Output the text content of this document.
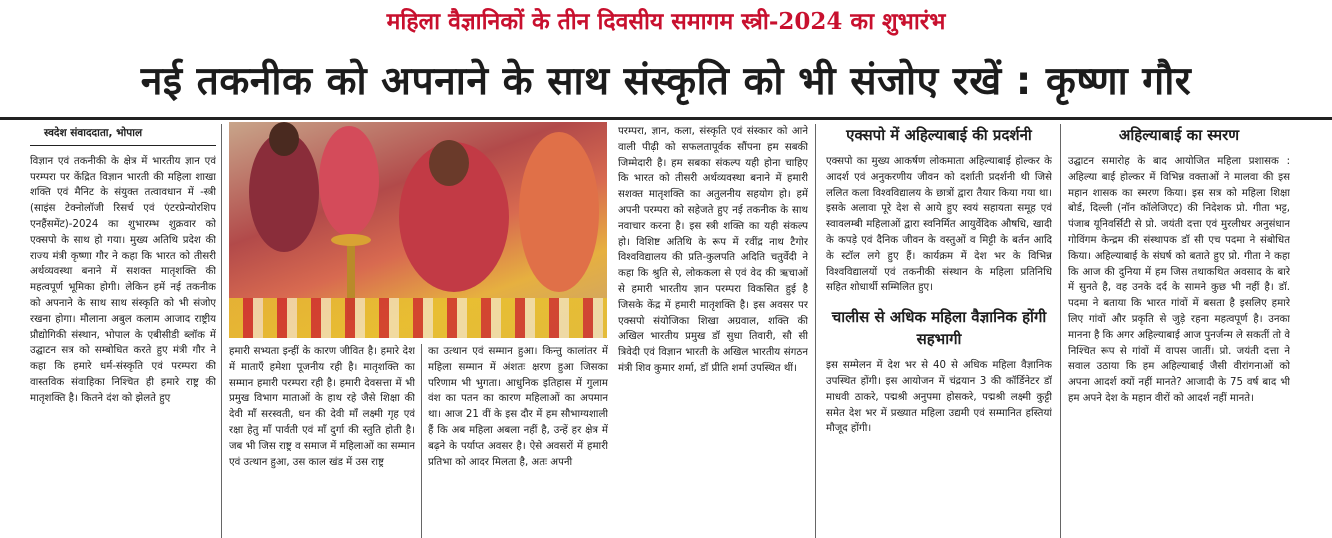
महिला वैज्ञानिकों के तीन दिवसीय समागम स्त्री-2024 का शुभारंभ
नई तकनीक को अपनाने के साथ संस्कृति को भी संजोए रखें : कृष्णा गौर
स्वदेश संवाददाता, भोपाल

विज्ञान एवं तकनीकी के क्षेत्र में भारतीय ज्ञान एवं परम्परा पर केंद्रित विज्ञान भारती की महिला शाखा शक्ति एवं मैनिट के संयुक्त तत्वावधान में -स्त्री (साइंस टेक्नोलॉजी रिसर्च एवं एंटरप्रेन्योरशिप एनहैंसमेंट)-2024 का शुभारम्भ शुक्रवार को एक्सपो के साथ हो गया। मुख्य अतिथि प्रदेश की राज्य मंत्री कृष्णा गौर ने कहा कि भारत को तीसरी अर्थव्यवस्था बनाने में सशक्त मातृशक्ति की महत्वपूर्ण भूमिका होगी। लेकिन हमें नई तकनीक को अपनाने के साथ साथ संस्कृति को भी संजोए रखना होगा। मौलाना अबुल कलाम आजाद राष्ट्रीय प्रौद्योगिकी संस्थान, भोपाल के एबीसीडी ब्लॉक में उद्घाटन सत्र को सम्बोधित करते हुए मंत्री गौर ने कहा कि हमारे धर्म-संस्कृति एवं परम्परा की वास्तविक संवाहिका निश्चित ही हमारे राष्ट्र की मातृशक्ति है। कितने दंश को झेलते हुए

हमारी सभ्यता इन्हीं के कारण जीवित है। हमारे देश में माताएँ हमेशा पूजनीय रही है। मातृशक्ति का सम्मान हमारी परम्परा रही है। हमारी देवसत्ता में भी प्रमुख विभाग माताओं के हाथ रहे जैसे शिक्षा की देवी माँ सरस्वती, धन की देवी माँ लक्ष्मी गृह एवं रक्षा हेतु माँ पार्वती एवं माँ दुर्गा की स्तुति होती है। जब भी जिस राष्ट्र व समाज में महिलाओं का सम्मान एवं उत्थान हुआ, उस काल खंड में उस राष्ट्र

का उत्थान एवं सम्मान हुआ। किन्तु कालांतर में महिला सम्मान में अंशतः क्षरण हुआ जिसका परिणाम भी भुगता। आधुनिक इतिहास में गुलाम वंश का पतन का कारण महिलाओं का अपमान था। आज 21 वीं के इस दौर में हम सौभाग्यशाली हैं कि अब महिला अबला नहीं है, उन्हें हर क्षेत्र में बढ़ने के पर्याप्त अवसर है। ऐसे अवसरों में हमारी प्रतिभा को आदर मिलता है, अतः अपनी

परम्परा, ज्ञान, कला, संस्कृति एवं संस्कार को आने वाली पीढ़ी को सफलतापूर्वक सौंपना हम सबकी जिम्मेदारी है। हम सबका संकल्प यही होना चाहिए कि भारत को तीसरी अर्थव्यवस्था बनाने में हमारी सशक्त मातृशक्ति का अतुलनीय सहयोग हो। हमें अपनी परम्परा को सहेजते हुए नई तकनीक के साथ नवाचार करना है। इस स्त्री शक्ति का यही संकल्प हो। विशिष्ट अतिथि के रूप में रवींद्र नाथ टैगोर विश्वविद्यालय की प्रति-कुलपति अदिति चतुर्वेदी ने कहा कि श्रुति से, लोककला से एवं वेद की ऋचाओं से हमारी भारतीय ज्ञान परम्परा विकसित हुई है जिसके केंद्र में हमारी मातृशक्ति है। इस अवसर पर एक्सपो संयोजिका शिखा अग्रवाल, शक्ति की अखिल भारतीय प्रमुख डॉ सुधा तिवारी, सौ सी त्रिवेदी एवं विज्ञान भारती के अखिल भारतीय संगठन मंत्री शिव कुमार शर्मा, डॉ प्रीति शर्मा उपस्थित थीं।

एक्सपो में अहिल्याबाई की प्रदर्शनी

एक्सपो का मुख्य आकर्षण लोकमाता अहिल्याबाई होल्कर के आदर्श एवं अनुकरणीय जीवन को दर्शाती प्रदर्शनी थी जिसे ललित कला विश्वविद्यालय के छात्रों द्वारा तैयार किया गया था। इसके अलावा पूरे देश से आये हुए स्वयं सहायता समूह एवं स्वावलम्बी महिलाओं द्वारा स्वनिर्मित आयुर्वेदिक औषधि, खादी के कपड़े एवं दैनिक जीवन के वस्तुओं व मिट्टी के बर्तन आदि के स्टॉल लगे हुए हैं। कार्यक्रम में देश भर के विभिन्न विश्वविद्यालयों एवं तकनीकी संस्थान के महिला प्रतिनिधि सहित शोधार्थी सम्मिलित हुए।

चालीस से अधिक महिला वैज्ञानिक होंगी सहभागी

इस सम्मेलन में देश भर से 40 से अधिक महिला वैज्ञानिक उपस्थित होंगी। इस आयोजन में चंद्रयान 3 की कॉर्डिनेटर डॉ माधवी ठाकरे, पद्मश्री अनुपमा होसकरे, पद्मश्री लक्ष्मी कुट्टी समेत देश भर में प्रख्यात महिला उद्यमी एवं सम्मानित हस्तियां मौजूद होंगी।

अहिल्याबाई का स्मरण

उद्घाटन समारोह के बाद आयोजित महिला प्रशासक : अहिल्या बाई होल्कर में विभिन्न वक्ताओं ने मालवा की इस महान शासक का स्मरण किया। इस सत्र को महिला शिक्षा बोर्ड, दिल्ली (नॉन कॉलेजिएट) की निदेशक प्रो. गीता भट्ट, पंजाब यूनिवर्सिटी से प्रो. जयंती दत्ता एवं मुरलीधर अनुसंधान गोविंगम केन्द्रम की संस्थापक डॉ सी एच पदमा ने संबोधित किया। अहिल्याबाई के संघर्ष को बताते हुए प्रो. गीता ने कहा कि आज की दुनिया में हम जिस तथाकथित अवसाद के बारे में सुनते है, वह उनके दर्द के सामने कुछ भी नहीं है। डॉ. पदमा ने बताया कि भारत गांवों में बसता है इसलिए हमारे लिए गांवों और प्रकृति से जुड़े रहना महत्वपूर्ण है। उनका मानना है कि अगर अहिल्याबाई आज पुनर्जन्म ले सकतीं तो वे निश्चित रूप से गांवों में वापस जातीं। प्रो. जयंती दत्ता ने सवाल उठाया कि हम अहिल्याबाई जैसी वीरांगनाओं को अपना आदर्श क्यों नहीं मानते? आजादी के 75 वर्ष बाद भी हम अपने देश के महान वीरों को आदर्श नहीं मानते।
